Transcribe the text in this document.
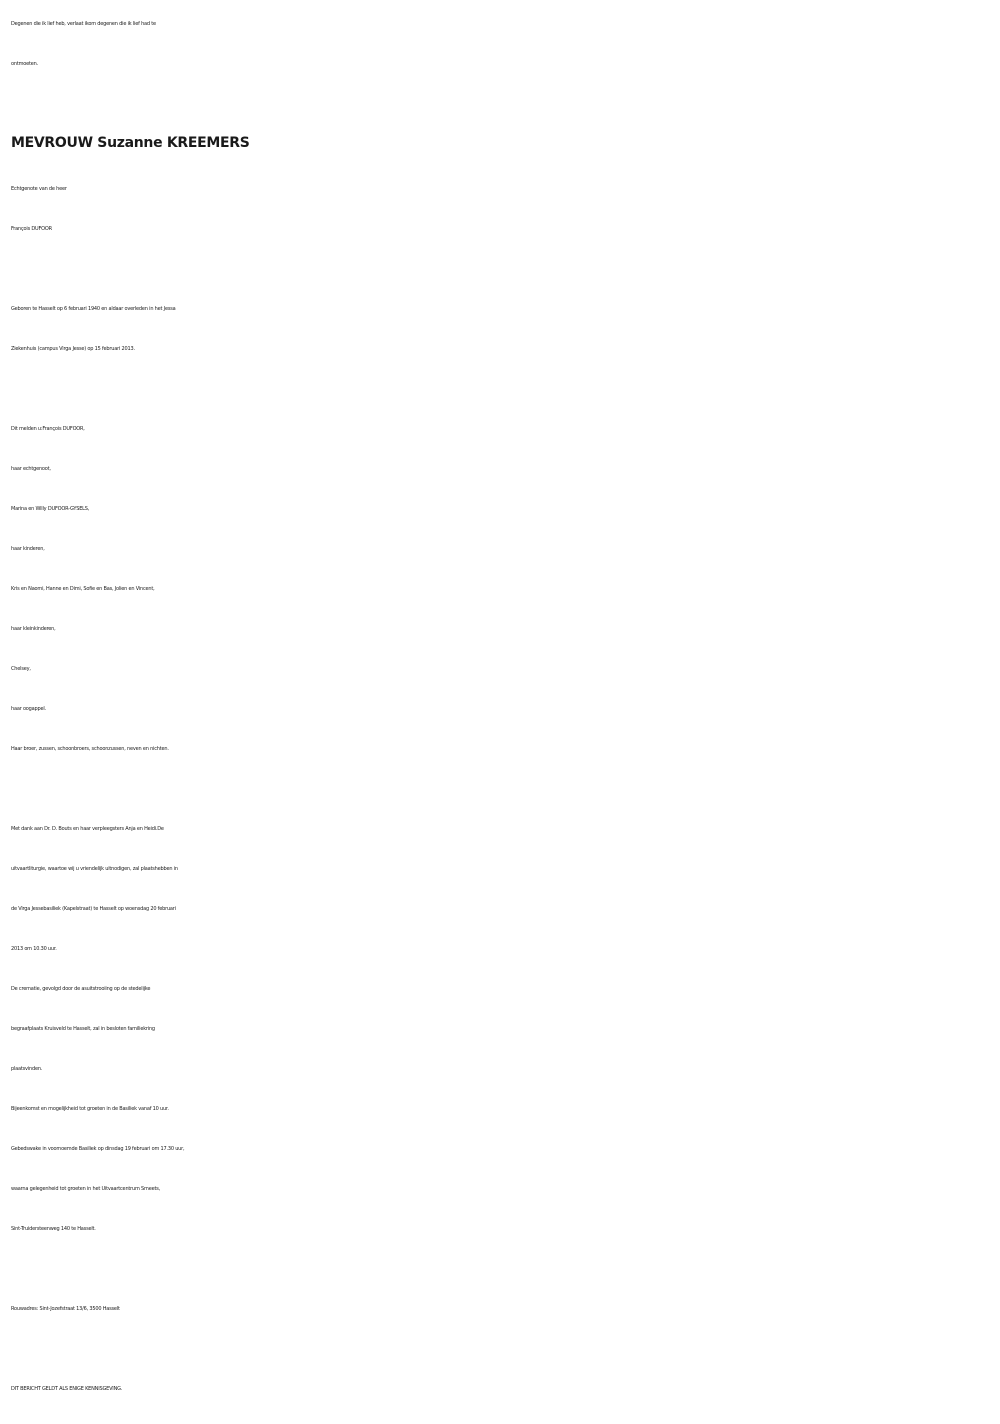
Degenen die ik lief heb, verlaat ikom degenen die ik lief had te
ontmoeten.
MEVROUW Suzanne KREEMERS
Echtgenote van de heer
François DUFOOR
Geboren te Hasselt op 6 februari 1940 en aldaar overleden in het Jessa
Ziekenhuis (campus Virga Jesse) op 15 februari 2013.
Dit melden u:François DUFOOR,
haar echtgenoot,
Marina en Willy DUFOOR-GYSELS,
haar kinderen,
Kris en Naomi, Hanne en Dimi, Sofie en Bas, Jolien en Vincent,
haar kleinkinderen,
Chelsey,
haar oogappel.
Haar broer, zussen, schoonbroers, schoonzussen, neven en nichten.
Met dank aan Dr. D. Bouts en haar verpleegsters Anja en Heidi.De
uitvaartliturgie, waartoe wij u vriendelijk uitnodigen, zal plaatshebben in
de Virga Jessebasiliek (Kapelstraat) te Hasselt op woensdag 20 februari
2013 om 10.30 uur.
De crematie, gevolgd door de asuitstrooiing op de stedelijke
begraafplaats Kruisveld te Hasselt, zal in besloten familiekring
plaatsvinden.
Bijeenkomst en mogelijkheid tot groeten in de Basiliek vanaf 10 uur.
Gebedswake in voornoemde Basiliek op dinsdag 19 februari om 17.30 uur,
waarna gelegenheid tot groeten in het Uitvaartcentrum Smeets,
Sint-Truidersteenweg 140 te Hasselt.
Rouwadres: Sint-Jozefstraat 13/6, 3500 Hasselt
DIT BERICHT GELDT ALS ENIGE KENNISGEVING.
